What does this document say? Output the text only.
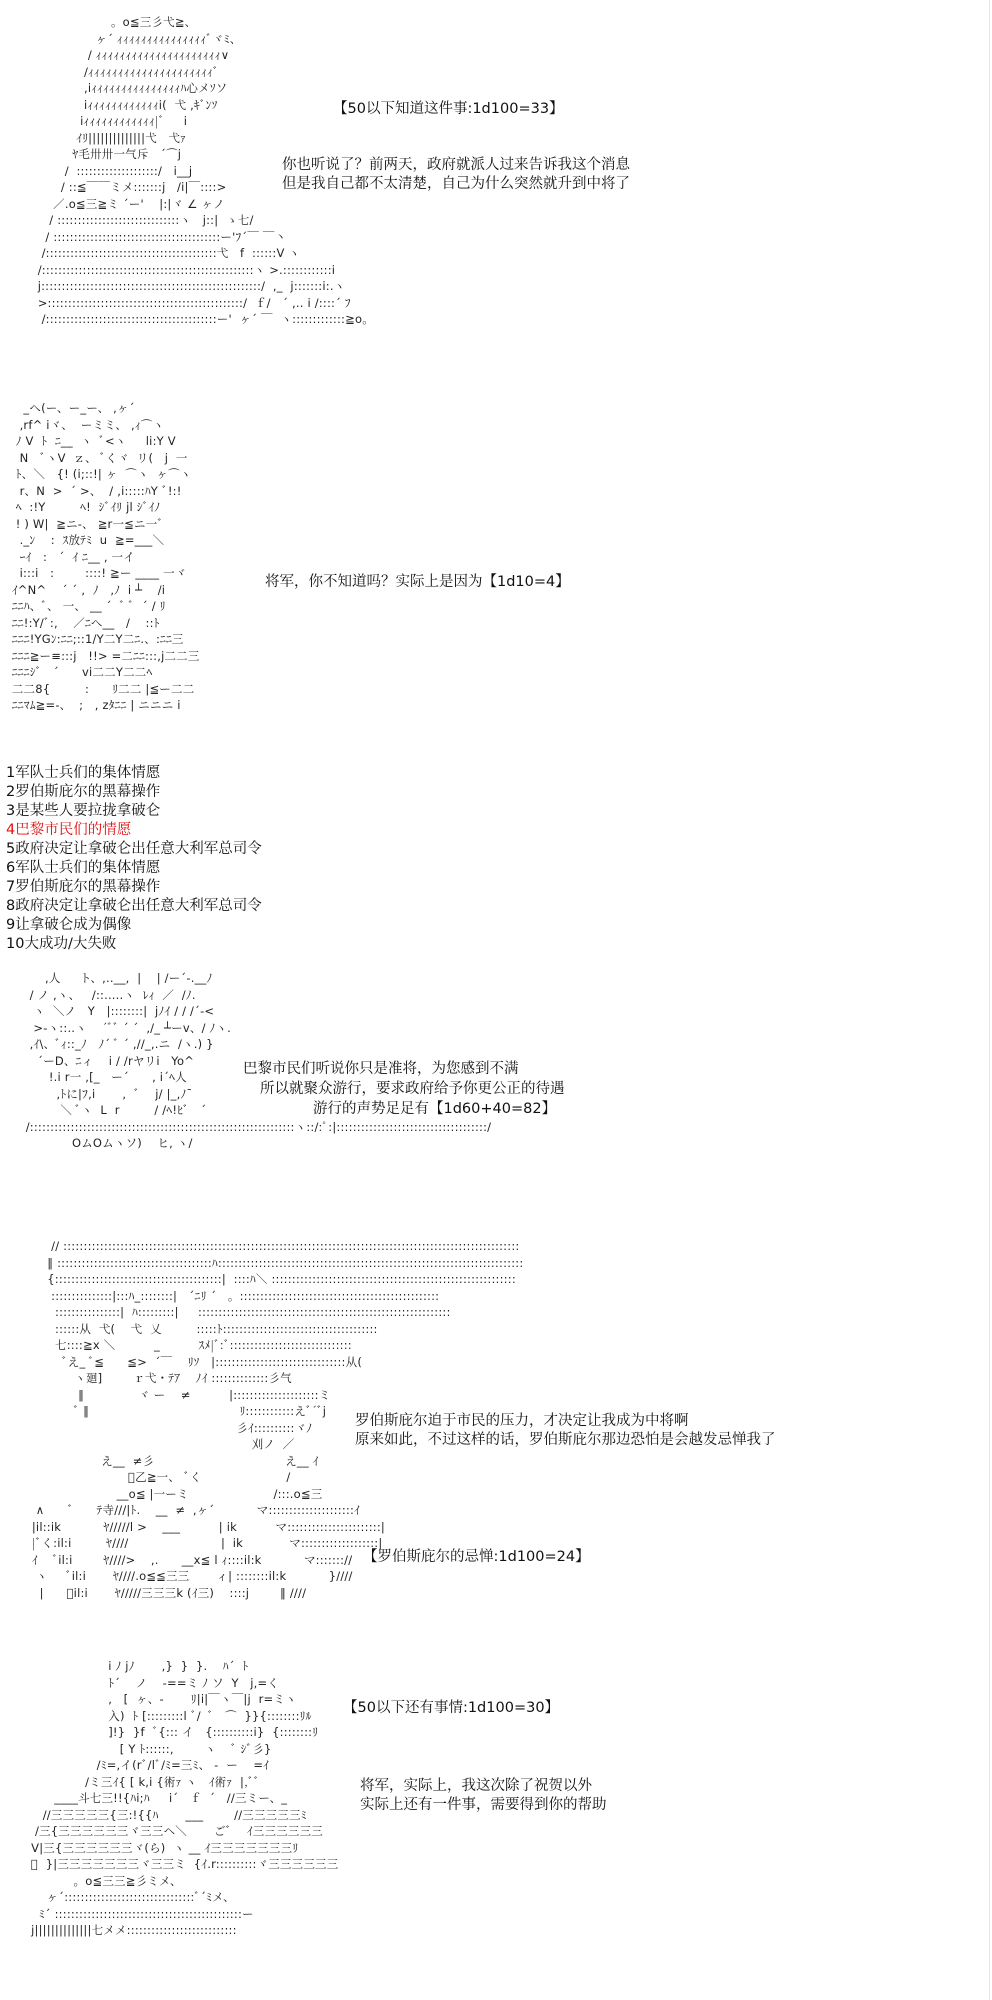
。o≦三彡弋≧、
ヶ´ ｨｨｨｨｨｨｨｨｨｨｨｨｨｨｨﾞヾﾐ、
/ ｨｨｨｨｨｨｨｨｨｨｨｨｨｨｨｨｨｨｨｨｨ∨
/ｨｨｨｨｨｨｨｨｨｨｨｨｨｨｨｨｨｨｨｨｨﾞ
,iｨｨｨｨｨｨｨｨｨｨｨｨｨｨｨﾊ心メｿソ
iｨｨｨｨｨｨｨｨｨｨｨｨi(  弋 ,ｷﾞﾝｿ
iｨｨｨｨｨｨｨｨｨｨｨｨ|ﾞ     i
ｲﾘ||||||||||||||弋   弋ｧ
ﾔ毛卅卅一气斥   ´⌒j
/  ::::::::::::::::::::/   i__j
/ ::≦￣￣ミメ:::::::j   /i|￣::::>
／.o≦三≧ミ ´ー'    |:|ヾ ∠ ヶノ
/ ::::::::::::::::::::::::::::::ヽ   j::|  ゝ七/
/ :::::::::::::::::::::::::::::::::::::::::ー'ﾌ´￣ ￣丶
/::::::::::::::::::::::::::::::::::::::::::弋   f  ::::::V ヽ
/::::::::::::::::::::::::::::::::::::::::::::::::::::ヽ >.::::::::::::i
j::::::::::::::::::::::::::::::::::::::::::::::::::::::/  ,_  j:::::::i:.ヽ
>::::::::::::::::::::::::::::::::::::::::::::::::/  ｆ/   ´ ,.. i /::::´ ﾌ
/::::::::::::::::::::::::::::::::::::::::::ー'  ヶ´ ￣  ヽ:::::::::::::≧o。

【50以下知道这件事:1d100=33】
你也听说了？前两天，政府就派人过来告诉我这个消息
但是我自己都不太清楚，自己为什么突然就升到中将了
_へ(ー、ー_ー、 ,ヶ´
,rf^ iヾ、  ーミミ、 ,ｨ⌒ヽ
ﾉ V  ﾄ  ﾆ__  ヽ  ﾞ<ヽ     li:Y V
N   ﾞヽV  ｚ、 ﾞくヾ  リ(   j  一
ﾄ、＼   {! (i;::!| ヶ  ⌒ヽ  ヶ⌒ヽ
r、N  >  ´ >、  / ,i:::::ﾊY ﾞ!:!
ﾍ  :!Y         ﾍ!  ｼﾞｲﾘ jl ｼﾞｲﾉ
! ) W|  ≧ニ-、 ≧r一≦ニ一ﾞ
._ﾝ    :  ｽ放ﾃﾐ  u  ≧=___＼
ｰｲ   :   ´  ｲ ﾆ__ , 一イ
i:::i   :        ::::! ≧ー ____ 一ヾ
ｲ^N^    ´ ´ ,  ﾉ   ,ﾉ  i ┴    /i
ﾆﾆﾊ、ﾞ、 一、 __ ´  ﾞ ﾞ  ´ / ﾘ
ﾆﾆ!:Y/ﾞ:,    ／ﾆへ__   /    ::ﾄ
ﾆﾆﾆ!YGﾝ:ﾆﾆ;::1/Y二Y二ﾆ.、:ﾆﾆ三
ﾆﾆﾆ≧ー≡:::j   !!> =二ﾆﾆ:::,j二二三
ﾆﾆﾆｼﾞ   ´      vi二二Y二二ﾍ
二二8{         :      ﾘ二二 |≦ー二二
ﾆﾆﾏﾑ≧=-、  ;   , zﾀﾆﾆ | ニニニ i

将军，你不知道吗？实际上是因为【1d10=4】
1军队士兵们的集体情愿
2罗伯斯庇尔的黑幕操作
3是某些人要拉拢拿破仑
4巴黎市民们的情愿
5政府决定让拿破仑出任意大利军总司令
6军队士兵们的集体情愿
7罗伯斯庇尔的黑幕操作
8政府决定让拿破仑出任意大利军总司令
9让拿破仑成为偶像
10大成功/大失败
,人     ト、,..__,  |    | /ー´-.__ﾉ
/ ノ ,ヽ、   /::.....ヽ  ﾚｨ  ／  /ﾉ.
ヽ  ＼ノ   Y   |::::::::|  jﾉｲ / / /´-<
>-ヽ::..ヽ    ´ﾞﾞ ´ ´  ,/_ ┴ーv、/ ﾉヽ.
,ｲ\、ﾞｨ::_ﾉ   ﾉ´ ﾞ ´ ,//_,.ニ  /ヽ.) }
´ーD、ﾆィ    i / /rヤリi   Yo^
!.i r一 ,[_   ー´      , i´ﾍ人
,ﾄに|ﾌ,i       ,  ﾞ    j/ |_,ﾉ¯
＼ ﾞヽ  L  r         / /ﾍ!ﾋﾞ   ´
/:::::::::::::::::::::::::::::::::::::::::::::::::::::::::::::::::ヽ::/:ﾟ:|:::::::::::::::::::::::::::::::::::::/
OムOムヽソ)    ヒ, ヽ/

巴黎市民们听说你只是准将，为您感到不满
所以就聚众游行，要求政府给予你更公正的待遇
游行的声势足足有【1d60+40=82】
// ::::::::::::::::::::::::::::::::::::::::::::::::::::::::::::::::::::::::::::::::::::::::::::::::::::::::::::::::
‖ ::::::::::::::::::::::::::::::::::::::ﾊ:::::::::::::::::::::::::::::::::::::::::::::::::::::::::::::::::::::::::::
{:::::::::::::::::::::::::::::::::::::::::|  ::::ﾊ＼ ::::::::::::::::::::::::::::::::::::::::::::::::::::::::::::
:::::::::::::::|:::ﾊ_::::::::|   ´ﾆﾘ ´   。:::::::::::::::::::::::::::::::::::::::::::::::::
::::::::::::::::|  ﾊ:::::::::|     ::::::::::::::::::::::::::::::::::::::::::::::::::::::::::::::
::::::从  弋(    弋  乂         :::::ﾄ::::::::::::::::::::::::::::::::::::::
七::::≧x ＼          _          ｽﾒ|ﾞ:ﾞ::::::::::::::::::::::::::::::
ﾞえ_ ﾞ≦      ≦>  ´￣    ﾘｿ   |::::::::::::::::::::::::::::::::从(
ヽ廻]        ｒ弋・ﾃｱ    ﾉｲ ::::::::::::::彡气
‖              ヾ ー    ≠          |:::::::::::::::::::::ミ
ﾞ ‖                                       ﾘ::::::::::::えﾞ´ﾞj
彡ｲ::::::::::ヾﾉ
刈ノ  ／
え__  ≠彡                                  え__ ｲ
ﾞ乙≧一、 ﾞく                      /
__o≦ |一ーミ                      /:::.o≦三
∧      ﾞ      ﾃ寺///|ﾄ.    __  ≠  ,ヶ´           マ:::::::::::::::::::::ｲ
|il::ik           ﾔ/////l >    ___          | ik          マ:::::::::::::::::::::::|
|ﾞく:il:i         ﾔ////                        |  ik            マ:::::::::::::::::::|
ｲ    ﾞil:i        ﾔ////>    ,.      __x≦ l ｨ::::il:k           マ::::::://
ヽ     ﾞil:i       ﾔ////.o≦≦三三       ィ| ::::::::il:k           }////
|      ﾞil:i       ﾔ/////三三三k (ｲ三)    ::::j        ‖ ////

罗伯斯庇尔迫于市民的压力，才决定让我成为中将啊
原来如此，不过这样的话，罗伯斯庇尔那边恐怕是会越发忌惮我了
【罗伯斯庇尔的忌惮:1d100=24】
i ﾉ jﾉ       ,}  }  }.    ﾊ´  ﾄ
ﾄ´    ノ    -==ミ ﾉ ソ  Y   j,=く
,   [  ヶ、-       ﾘ|i|￣ヽ￣|j  r=ミヽ
入)  ﾄ [:::::::::l ﾞ/  ﾞ   ⌒  }}{::::::::ﾘﾙ
]!}  }f  ﾞ{::: イ   {::::::::::i}  {::::::::ﾘ
[ Y ﾄ::::::,        ヽ    ﾞ ｼﾞ彡}
/ﾐ=,イ(rﾞ/lﾞ/ﾐ=三ﾐ、 -  ー    =ｲ
/ミ三ｲ{ [ k,i {術ｧ ヽ   ｲ術ｧ  |,ﾞﾞ
____斗七三!!{ﾊi;ﾊ     i´   ｆ  ´   //三ミー、_
//三三三三三{三:!{{ﾊ       ___        //三三三三三ﾐ
/三{三三三三三三ヾ三三ヘ＼       ごﾞ    ｲ三三三三三三
V|三{三三三三三三ヾ(ら)  ヽ __ ｲ三三三三三三三ﾘ
ﾞ  }|三三三三三三三ヾ三三ミ  {ｲ.r::::::::::ヾ三三三三三三
。o≦三三≧彡ミメ、
ヶ´::::::::::::::::::::::::::::::::ﾞ´ﾐメ、
ﾐ´ ::::::::::::::::::::::::::::::::::::::::::::::ー
j||||||||||||||七メメ:::::::::::::::::::::::::::

【50以下还有事情:1d100=30】
将军，实际上，我这次除了祝贺以外
实际上还有一件事，需要得到你的帮助
